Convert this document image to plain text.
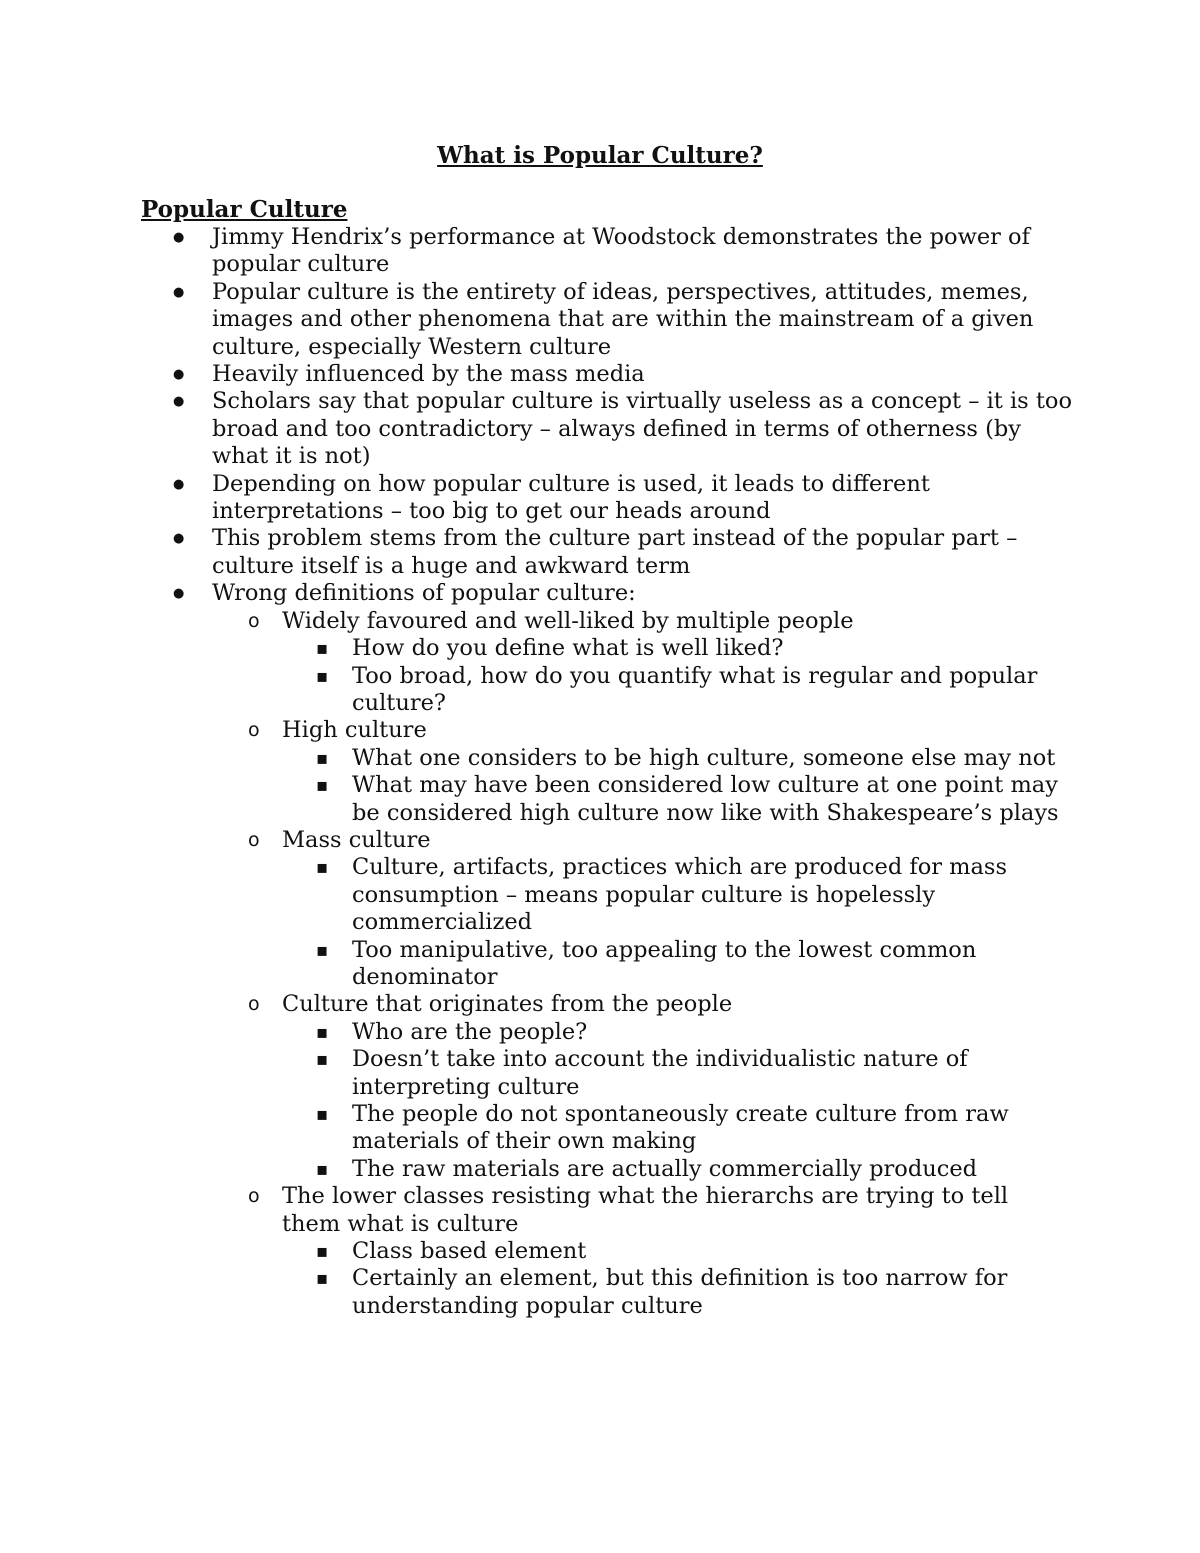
What is Popular Culture?
Popular Culture
● Jimmy Hendrix’s performance at Woodstock demonstrates the power of popular culture
● Popular culture is the entirety of ideas, perspectives, attitudes, memes, images and other phenomena that are within the mainstream of a given culture, especially Western culture
● Heavily influenced by the mass media
● Scholars say that popular culture is virtually useless as a concept – it is too broad and too contradictory – always defined in terms of otherness (by what it is not)
● Depending on how popular culture is used, it leads to different interpretations – too big to get our heads around
● This problem stems from the culture part instead of the popular part – culture itself is a huge and awkward term
● Wrong definitions of popular culture:
o Widely favoured and well-liked by multiple people
▪ How do you define what is well liked?
▪ Too broad, how do you quantify what is regular and popular culture?
o High culture
▪ What one considers to be high culture, someone else may not
▪ What may have been considered low culture at one point may be considered high culture now like with Shakespeare’s plays
o Mass culture
▪ Culture, artifacts, practices which are produced for mass consumption – means popular culture is hopelessly commercialized
▪ Too manipulative, too appealing to the lowest common denominator
o Culture that originates from the people
▪ Who are the people?
▪ Doesn’t take into account the individualistic nature of interpreting culture
▪ The people do not spontaneously create culture from raw materials of their own making
▪ The raw materials are actually commercially produced
o The lower classes resisting what the hierarchs are trying to tell them what is culture
▪ Class based element
▪ Certainly an element, but this definition is too narrow for understanding popular culture
